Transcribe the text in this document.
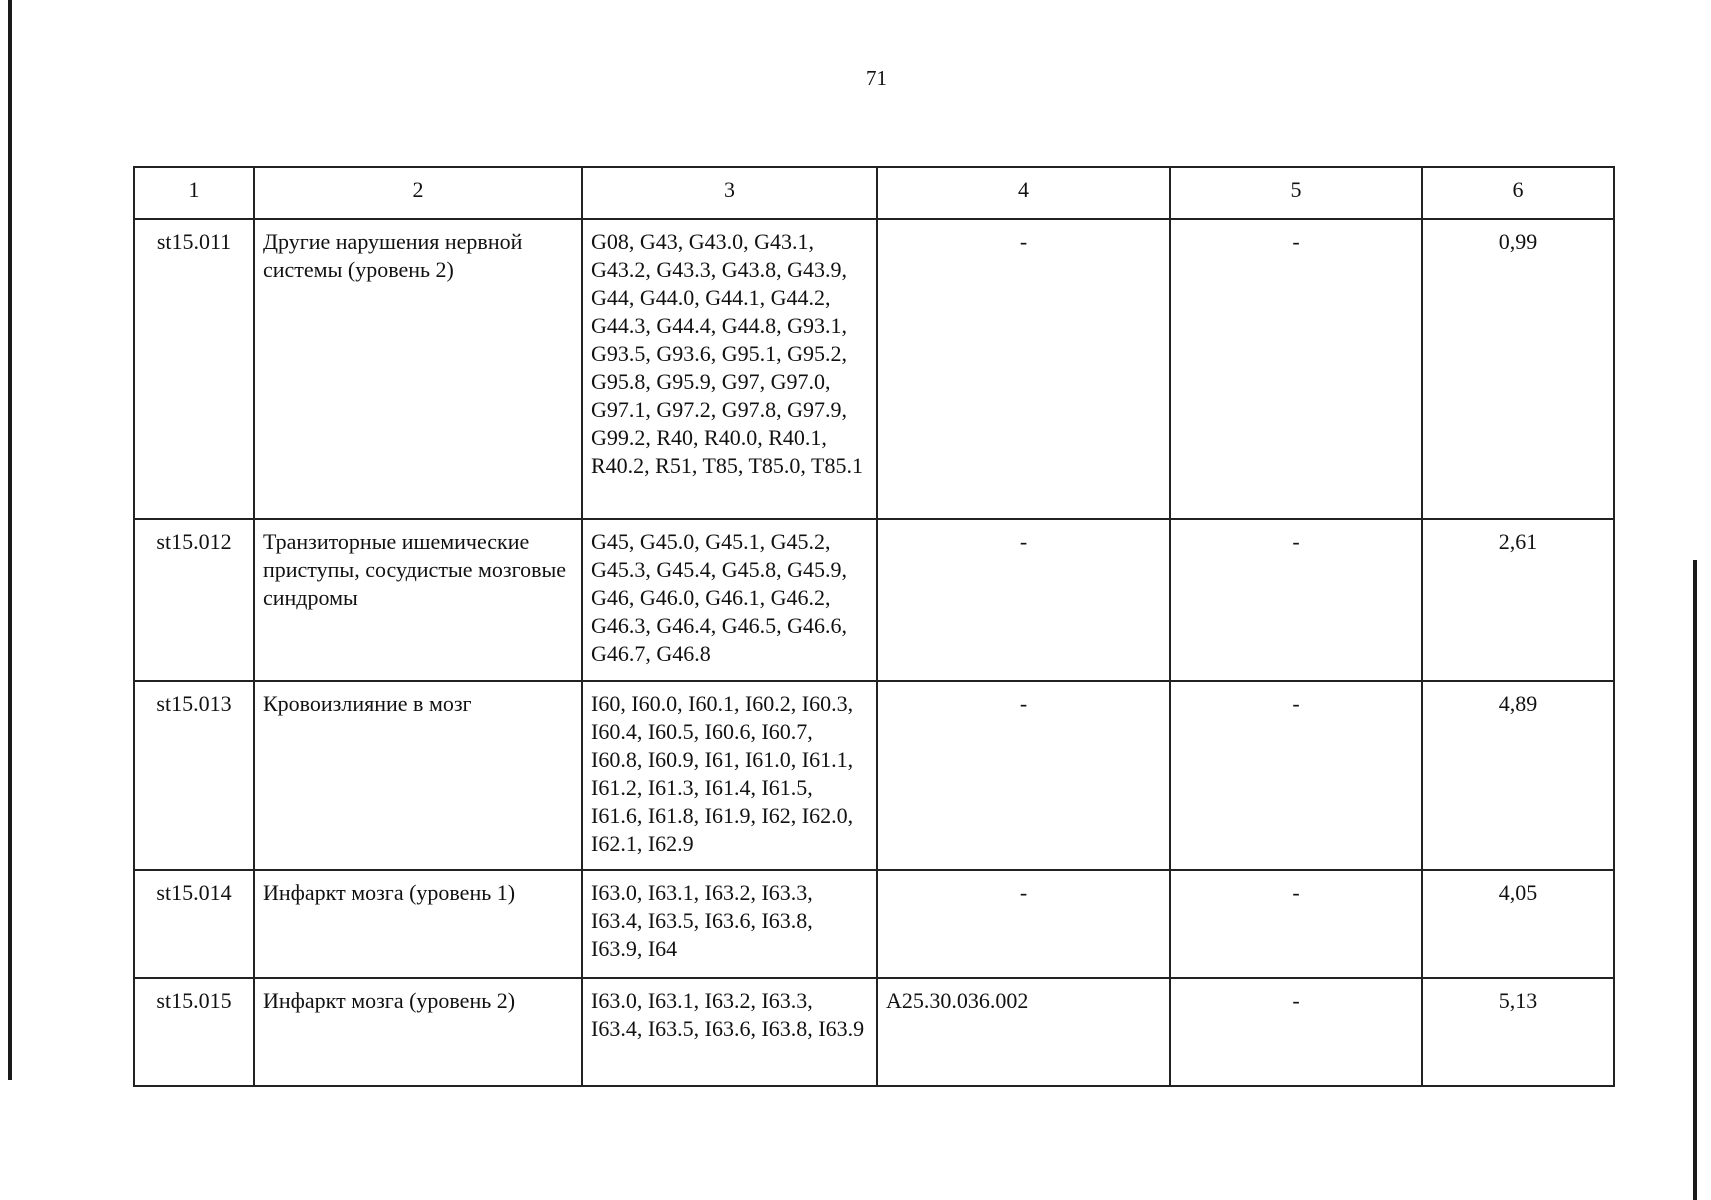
71
1	2	3	4	5	6
st15.011	Другие нарушения нервной системы (уровень 2)	G08, G43, G43.0, G43.1, G43.2, G43.3, G43.8, G43.9, G44, G44.0, G44.1, G44.2, G44.3, G44.4, G44.8, G93.1, G93.5, G93.6, G95.1, G95.2, G95.8, G95.9, G97, G97.0, G97.1, G97.2, G97.8, G97.9, G99.2, R40, R40.0, R40.1, R40.2, R51, T85, T85.0, T85.1	-	-	0,99
st15.012	Транзиторные ишемические приступы, сосудистые мозговые синдромы	G45, G45.0, G45.1, G45.2, G45.3, G45.4, G45.8, G45.9, G46, G46.0, G46.1, G46.2, G46.3, G46.4, G46.5, G46.6, G46.7, G46.8	-	-	2,61
st15.013	Кровоизлияние в мозг	I60, I60.0, I60.1, I60.2, I60.3, I60.4, I60.5, I60.6, I60.7, I60.8, I60.9, I61, I61.0, I61.1, I61.2, I61.3, I61.4, I61.5, I61.6, I61.8, I61.9, I62, I62.0, I62.1, I62.9	-	-	4,89
st15.014	Инфаркт мозга (уровень 1)	I63.0, I63.1, I63.2, I63.3, I63.4, I63.5, I63.6, I63.8, I63.9, I64	-	-	4,05
st15.015	Инфаркт мозга (уровень 2)	I63.0, I63.1, I63.2, I63.3, I63.4, I63.5, I63.6, I63.8, I63.9	A25.30.036.002	-	5,13
